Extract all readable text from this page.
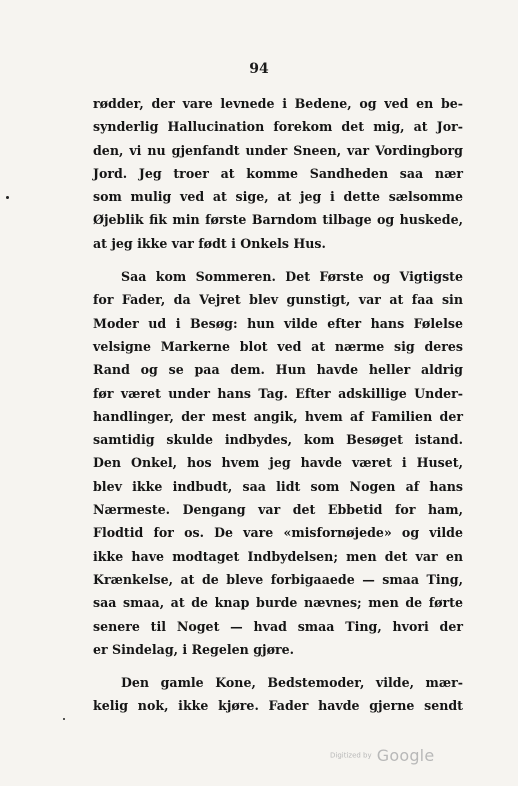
94
rødder, der vare levnede i Bedene, og ved en be-
synderlig Hallucination forekom det mig, at Jor-
den, vi nu gjenfandt under Sneen, var Vordingborg
Jord. Jeg troer at komme Sandheden saa nær
som mulig ved at sige, at jeg i dette sælsomme
Øjeblik fik min første Barndom tilbage og huskede,
at jeg ikke var født i Onkels Hus.
Saa kom Sommeren. Det Første og Vigtigste
for Fader, da Vejret blev gunstigt, var at faa sin
Moder ud i Besøg: hun vilde efter hans Følelse
velsigne Markerne blot ved at nærme sig deres
Rand og se paa dem. Hun havde heller aldrig
før været under hans Tag. Efter adskillige Under-
handlinger, der mest angik, hvem af Familien der
samtidig skulde indbydes, kom Besøget istand.
Den Onkel, hos hvem jeg havde været i Huset,
blev ikke indbudt, saa lidt som Nogen af hans
Nærmeste. Dengang var det Ebbetid for ham,
Flodtid for os. De vare «misfornøjede» og vilde
ikke have modtaget Indbydelsen; men det var en
Krænkelse, at de bleve forbigaaede — smaa Ting,
saa smaa, at de knap burde nævnes; men de førte
senere til Noget — hvad smaa Ting, hvori der
er Sindelag, i Regelen gjøre.
Den gamle Kone, Bedstemoder, vilde, mær-
kelig nok, ikke kjøre. Fader havde gjerne sendt
Digitized by Google
